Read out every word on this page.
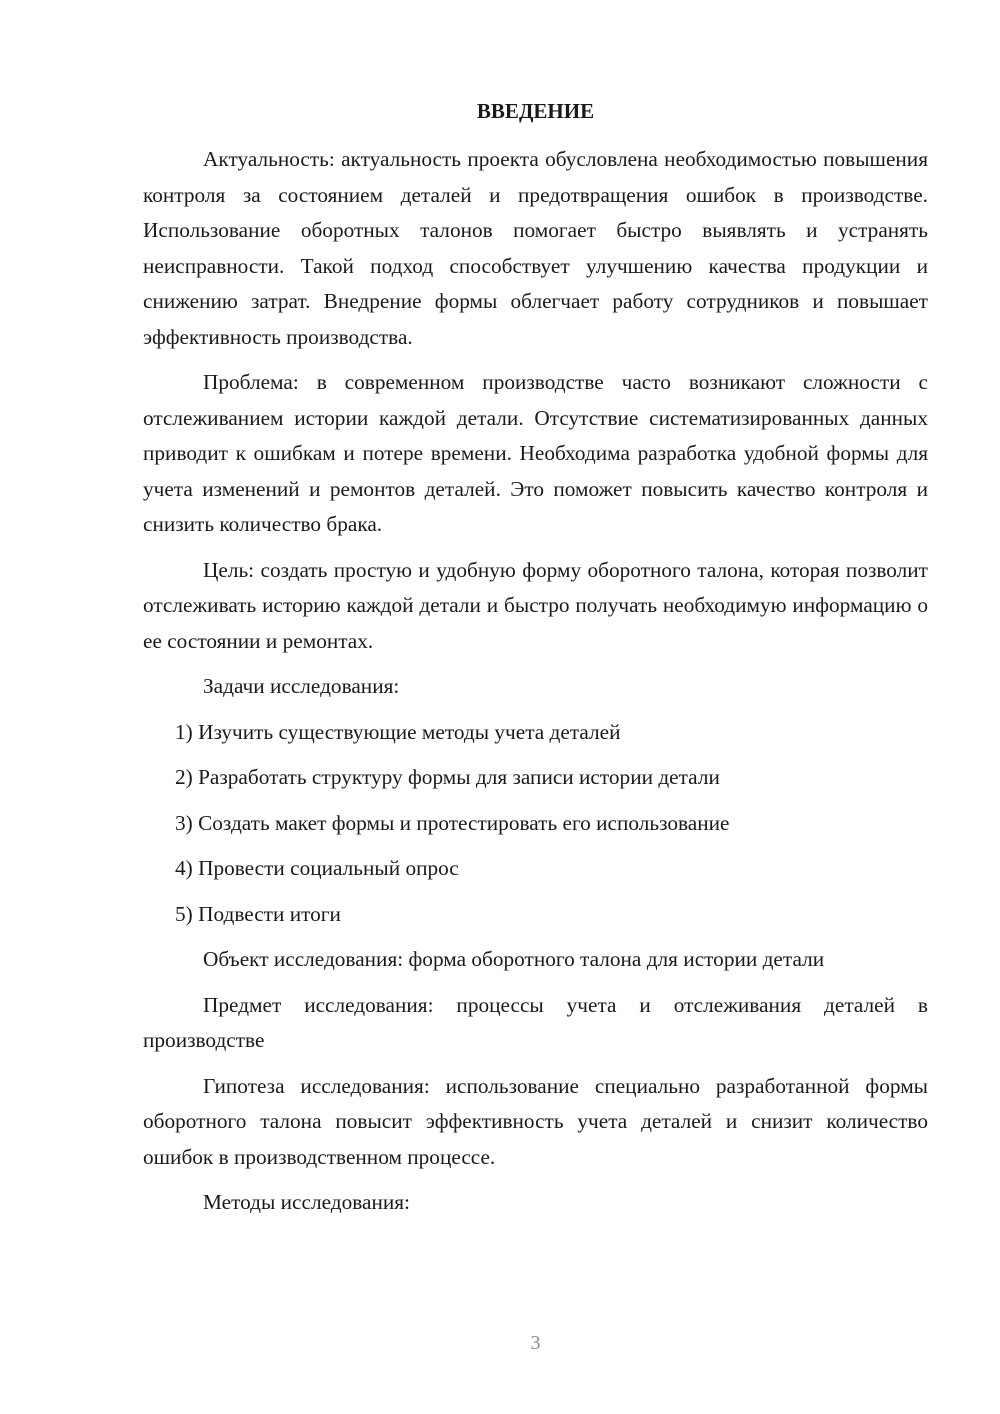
ВВЕДЕНИЕ

Актуальность: актуальность проекта обусловлена необходимостью повышения контроля за состоянием деталей и предотвращения ошибок в производстве. Использование оборотных талонов помогает быстро выявлять и устранять неисправности. Такой подход способствует улучшению качества продукции и снижению затрат. Внедрение формы облегчает работу сотрудников и повышает эффективность производства.

Проблема: в современном производстве часто возникают сложности с отслеживанием истории каждой детали. Отсутствие систематизированных данных приводит к ошибкам и потере времени. Необходима разработка удобной формы для учета изменений и ремонтов деталей. Это поможет повысить качество контроля и снизить количество брака.

Цель: создать простую и удобную форму оборотного талона, которая позволит отслеживать историю каждой детали и быстро получать необходимую информацию о ее состоянии и ремонтах.

Задачи исследования:

1) Изучить существующие методы учета деталей
2) Разработать структуру формы для записи истории детали
3) Создать макет формы и протестировать его использование
4) Провести социальный опрос
5) Подвести итоги

Объект исследования: форма оборотного талона для истории детали

Предмет исследования: процессы учета и отслеживания деталей в производстве

Гипотеза исследования: использование специально разработанной формы оборотного талона повысит эффективность учета деталей и снизит количество ошибок в производственном процессе.

Методы исследования:

3
